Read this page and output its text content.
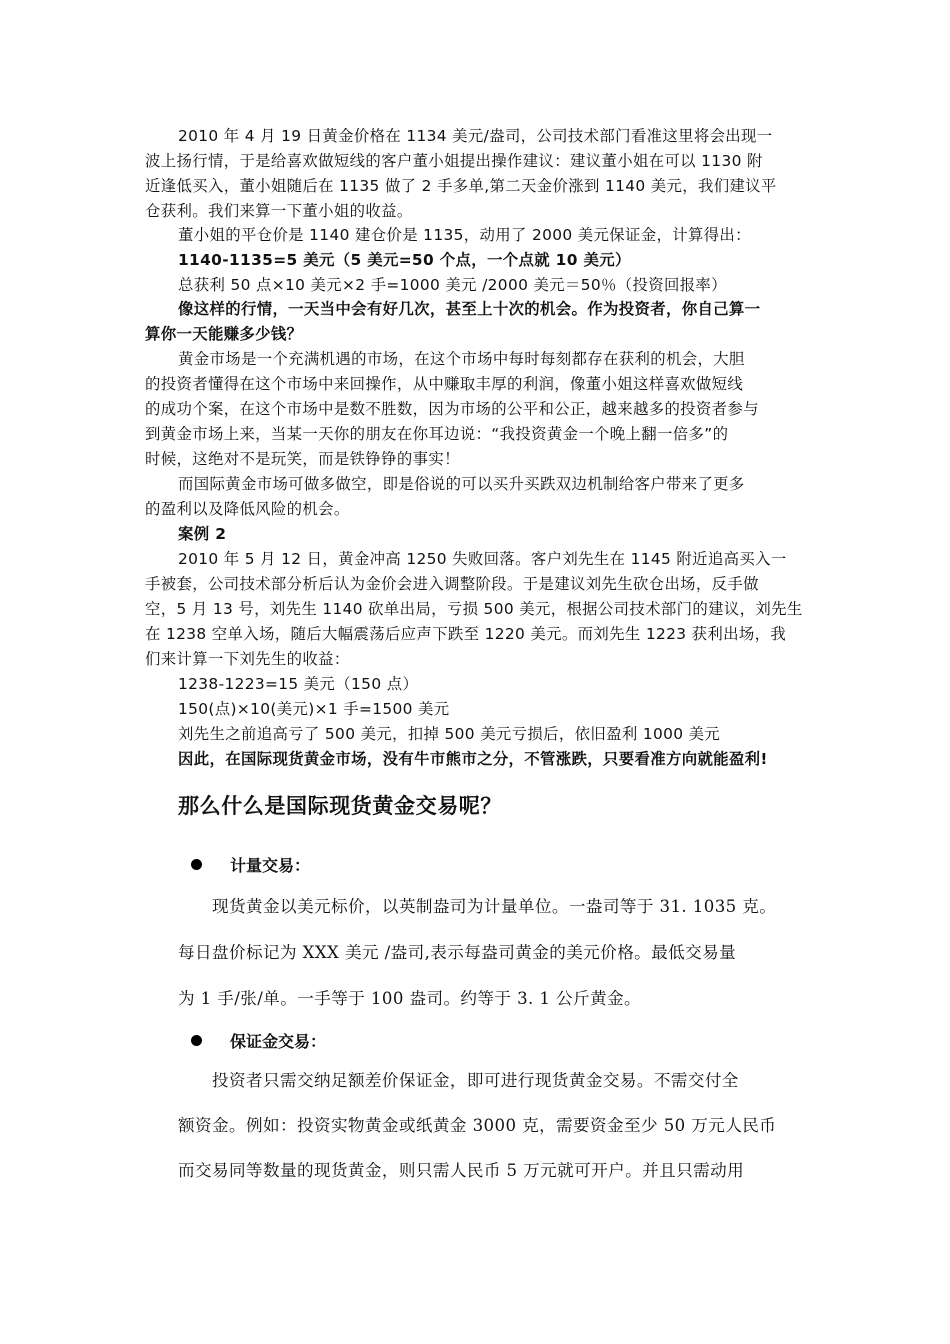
2010 年 4 月 19 日黄金价格在 1134 美元/盎司，公司技术部门看准这里将会出现一
波上扬行情，于是给喜欢做短线的客户董小姐提出操作建议：建议董小姐在可以 1130 附
近逢低买入，董小姐随后在 1135 做了 2 手多单,第二天金价涨到 1140 美元，我们建议平
仓获利。我们来算一下董小姐的收益。
董小姐的平仓价是 1140 建仓价是 1135，动用了 2000 美元保证金，计算得出：
1140-1135=5 美元（5 美元=50 个点，一个点就 10 美元）
总获利 50 点×10 美元×2 手=1000 美元 /2000 美元＝50％（投资回报率）
像这样的行情，一天当中会有好几次，甚至上十次的机会。作为投资者，你自己算一
算你一天能赚多少钱？
黄金市场是一个充满机遇的市场，在这个市场中每时每刻都存在获利的机会，大胆
的投资者懂得在这个市场中来回操作，从中赚取丰厚的利润，像董小姐这样喜欢做短线
的成功个案，在这个市场中是数不胜数，因为市场的公平和公正，越来越多的投资者参与
到黄金市场上来，当某一天你的朋友在你耳边说：“我投资黄金一个晚上翻一倍多”的
时候，这绝对不是玩笑，而是铁铮铮的事实！
而国际黄金市场可做多做空，即是俗说的可以买升买跌双边机制给客户带来了更多
的盈利以及降低风险的机会。
案例 2
2010 年 5 月 12 日，黄金冲高 1250 失败回落。客户刘先生在 1145 附近追高买入一
手被套，公司技术部分析后认为金价会进入调整阶段。于是建议刘先生砍仓出场，反手做
空，5 月 13 号，刘先生 1140 砍单出局，亏损 500 美元，根据公司技术部门的建议，刘先生
在 1238 空单入场，随后大幅震荡后应声下跌至 1220 美元。而刘先生 1223 获利出场，我
们来计算一下刘先生的收益：
1238-1223=15 美元（150 点）
150(点)×10(美元)×1 手=1500 美元
刘先生之前追高亏了 500 美元，扣掉 500 美元亏损后，依旧盈利 1000 美元
因此，在国际现货黄金市场，没有牛市熊市之分，不管涨跌，只要看准方向就能盈利!
那么什么是国际现货黄金交易呢？
计量交易：
现货黄金以美元标价，以英制盎司为计量单位。一盎司等于 31. 1035 克。
每日盘价标记为 XXX 美元 /盎司,表示每盎司黄金的美元价格。最低交易量
为 1 手/张/单。一手等于 100 盎司。约等于 3. 1 公斤黄金。
保证金交易：
投资者只需交纳足额差价保证金，即可进行现货黄金交易。不需交付全
额资金。例如：投资实物黄金或纸黄金 3000 克，需要资金至少 50 万元人民币
而交易同等数量的现货黄金，则只需人民币 5 万元就可开户。并且只需动用
